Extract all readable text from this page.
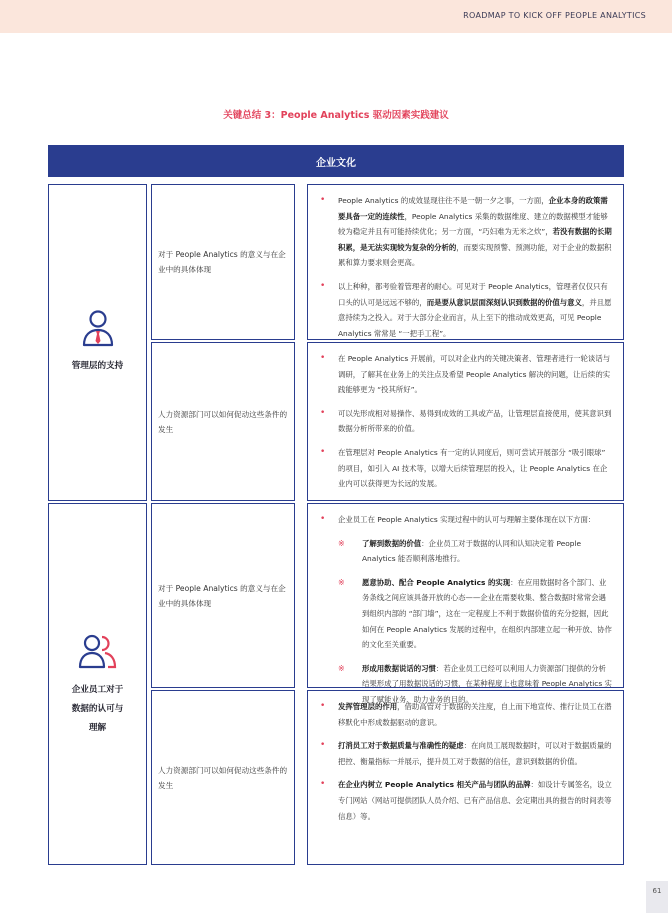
ROADMAP TO KICK OFF PEOPLE ANALYTICS
关键总结 3：People Analytics 驱动因素实践建议
企业文化
管理层的支持
企业员工对于
数据的认可与
理解
对于 People Analytics 的意义与在企业中的具体体现
• People Analytics 的成效显现往往不是一朝一夕之事，一方面，企业本身的政策需要具备一定的连续性，People Analytics 采集的数据维度、建立的数据模型才能够较为稳定并且有可能持续优化；另一方面，“巧妇难为无米之炊”，若没有数据的长期积累，是无法实现较为复杂的分析的，而要实现预警、预测功能，对于企业的数据积累和算力要求则会更高。
• 以上种种，都考验着管理者的耐心。可见对于 People Analytics，管理者仅仅只有口头的认可是远远不够的，而是要从意识层面深刻认识到数据的价值与意义，并且愿意持续为之投入。对于大部分企业而言，从上至下的推动成效更高，可见 People Analytics 常常是 “一把手工程”。
人力资源部门可以如何促动这些条件的发生
• 在 People Analytics 开展前，可以对企业内的关键决策者、管理者进行一轮谈话与调研，了解其在业务上的关注点及希望 People Analytics 解决的问题，让后续的实践能够更为 “投其所好”。
• 可以先形成相对易操作、易得到成效的工具或产品，让管理层直接使用，使其意识到数据分析所带来的价值。
• 在管理层对 People Analytics 有一定的认同度后，则可尝试开展部分 “吸引眼球” 的项目，如引入 AI 技术等，以增大后续管理层的投入，让 People Analytics 在企业内可以获得更为长远的发展。
对于 People Analytics 的意义与在企业中的具体体现
• 企业员工在 People Analytics 实现过程中的认可与理解主要体现在以下方面：
※ 了解到数据的价值：企业员工对于数据的认同和认知决定着 People Analytics 能否顺利落地推行。
※ 愿意协助、配合 People Analytics 的实现：在应用数据时各个部门、业务条线之间应该具备开放的心态——企业在需要收集、整合数据时常常会遇到组织内部的 “部门墙”，这在一定程度上不利于数据价值的充分挖掘，因此如何在 People Analytics 发展的过程中，在组织内部建立起一种开放、协作的文化至关重要。
※ 形成用数据说话的习惯：若企业员工已经可以利用人力资源部门提供的分析结果形成了用数据说话的习惯，在某种程度上也意味着 People Analytics 实现了赋能业务、助力业务的目的。
人力资源部门可以如何促动这些条件的发生
• 发挥管理层的作用，借助高管对于数据的关注度，自上而下地宣传、推行让员工在潜移默化中形成数据驱动的意识。
• 打消员工对于数据质量与准确性的疑虑：在向员工展现数据时，可以对于数据质量的把控、衡量指标一并展示，提升员工对于数据的信任，意识到数据的价值。
• 在企业内树立 People Analytics 相关产品与团队的品牌：如设计专属签名，设立专门网站（网站可提供团队人员介绍、已有产品信息、会定期出具的报告的时间表等信息）等。
61
